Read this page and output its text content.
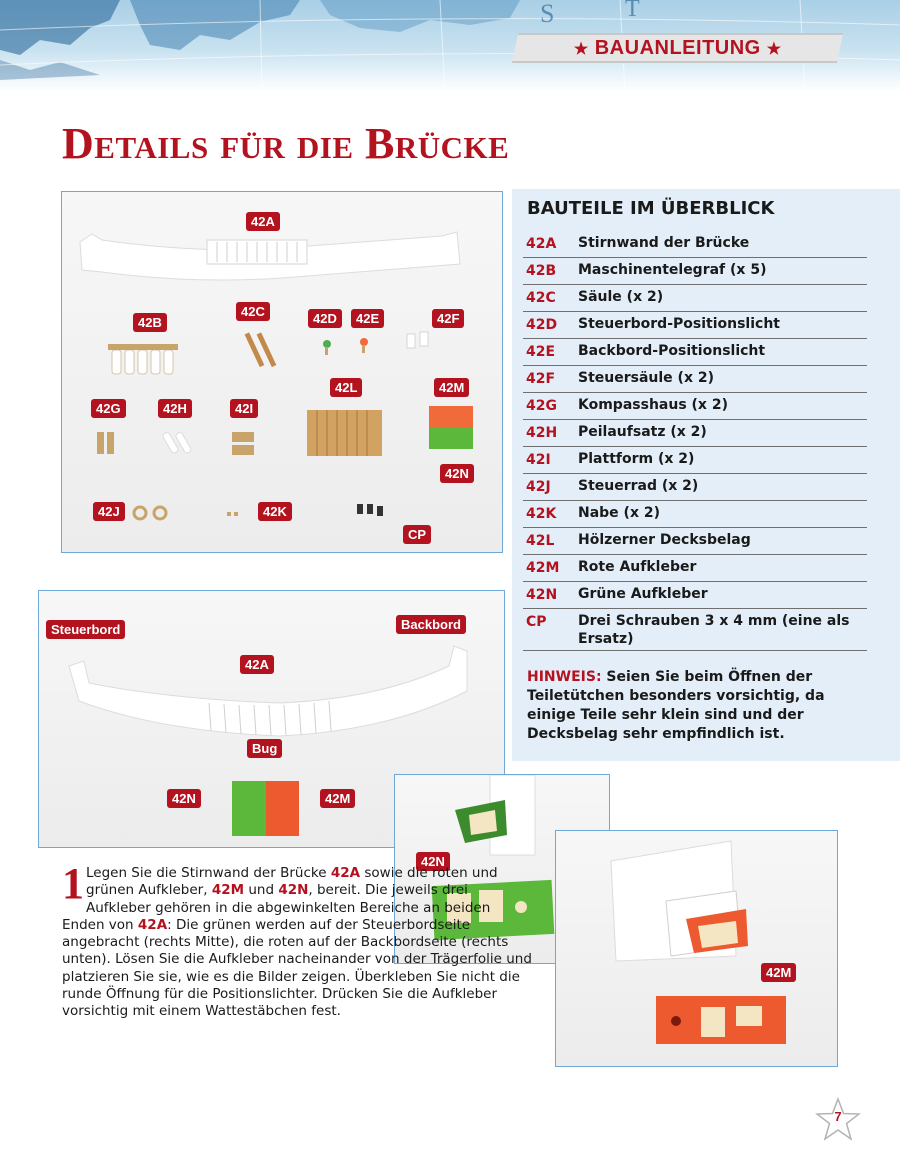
S	T
★ BAUANLEITUNG ★
Details für die Brücke
42A
42B
42C	42D	42E	42F
42G	42H	42I
42L	42M
42N
42J	42K
CP
BAUTEILE IM ÜBERBLICK
42A	Stirnwand der Brücke
42B	Maschinentelegraf (x 5)
42C	Säule (x 2)
42D	Steuerbord-Positionslicht
42E	Backbord-Positionslicht
42F	Steuersäule (x 2)
42G	Kompasshaus (x 2)
42H	Peilaufsatz (x 2)
42I	Plattform (x 2)
42J	Steuerrad (x 2)
42K	Nabe (x 2)
42L	Hölzerner Decksbelag
42M	Rote Aufkleber
42N	Grüne Aufkleber
CP	Drei Schrauben 3 x 4 mm (eine als Ersatz)
HINWEIS: Seien Sie beim Öffnen der Teiletütchen besonders vorsichtig, da einige Teile sehr klein sind und der Decksbelag sehr empfindlich ist.
Steuerbord	Backbord
42A
Bug
42N	42M
42N
42M
1 Legen Sie die Stirnwand der Brücke 42A sowie die roten und grünen Aufkleber, 42M und 42N, bereit. Die jeweils drei Aufkleber gehören in die abgewinkelten Bereiche an beiden Enden von 42A: Die grünen werden auf der Steuerbordseite angebracht (rechts Mitte), die roten auf der Backbordseite (rechts unten). Lösen Sie die Aufkleber nacheinander von der Trägerfolie und platzieren Sie sie, wie es die Bilder zeigen. Überkleben Sie nicht die runde Öffnung für die Positionslichter. Drücken Sie die Aufkleber vorsichtig mit einem Wattestäbchen fest.
7
